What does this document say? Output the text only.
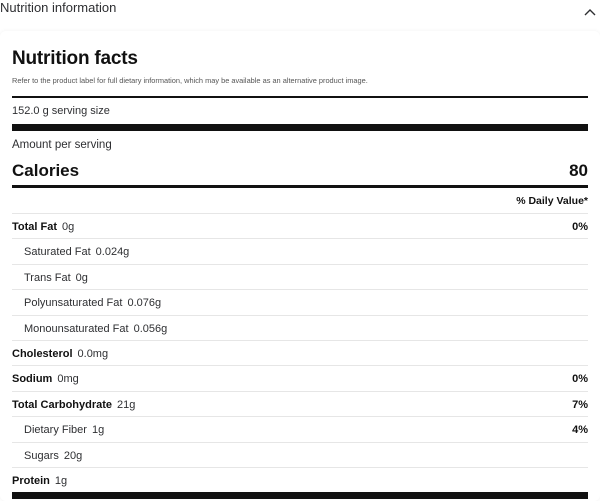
Nutrition information
Nutrition facts
Refer to the product label for full dietary information, which may be available as an alternative product image.
152.0 g serving size
Amount per serving
Calories	80
% Daily Value*
Total Fat 0g	0%
Saturated Fat 0.024g
Trans Fat 0g
Polyunsaturated Fat 0.076g
Monounsaturated Fat 0.056g
Cholesterol 0.0mg
Sodium 0mg	0%
Total Carbohydrate 21g	7%
Dietary Fiber 1g	4%
Sugars 20g
Protein 1g
